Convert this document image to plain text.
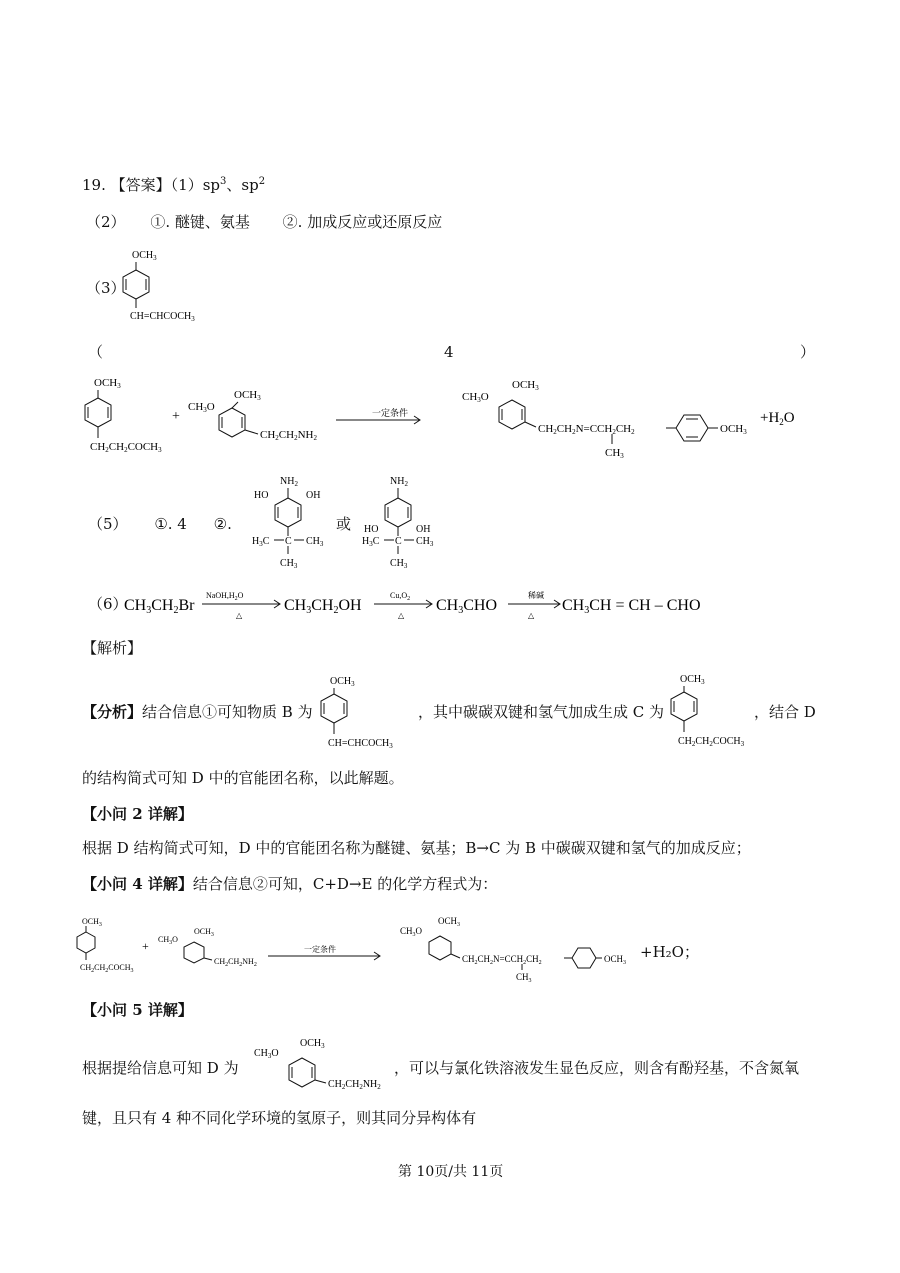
19. 【答案】$(1)sp^3$、$sp^2$
（2） ①. 醚键、氨基 ②. 加成反应或还原反应
（3）
$OCH_3$
$CH=CHCOCH_3$
（	4	）
OCH3
CH2CH2COCH3
+
CH3O
OCH3
CH2CH2NH2
一定条件
CH3O
OCH3
CH2CH2N=CCH2CH2
CH3
OCH3
$+H_2O$
（5） ①. 4 ②.
$NH_2$
HO	OH
$H_3C$ C $CH_3$
$CH_3$
或
$NH_2$
HO	OH
$H_3C$ C $CH_3$
$CH_3$
（6）
CH3CH2Br
$NaOH,H_2O$
△
CH3CH2OH
$Cu,O_2$
△
CH3CHO
稀碱
△
CH3CH = CH – CHO
【解析】
【分析】结合信息①可知物质 B 为
$OCH_3$
$CH=CHCOCH_3$
，其中碳碳双键和氢气加成生成 C 为
$OCH_3$
$CH_2CH_2COCH_3$
，结合 D
的结构简式可知 D 中的官能团名称，以此解题。
【小问 2 详解】
根据 D 结构简式可知，D 中的官能团名称为醚键、氨基；B→C 为 B 中碳碳双键和氢气的加成反应；
【小问 4 详解】结合信息②可知，C+D→E 的化学方程式为：
$OCH_3$
$CH_2CH_2COCH_3$
+ $CH_3O$
$OCH_3$
$CH_2CH_2NH_2$
一定条件
$CH_3O$
$OCH_3$
$CH_2CH_2N=CCH_2CH_2$
$CH_3$
$OCH_3$
+H₂O；
【小问 5 详解】
根据提给信息可知 D 为
$CH_3O$
$OCH_3$
$CH_2CH_2NH_2$
，可以与氯化铁溶液发生显色反应，则含有酚羟基，不含氮氧
键，且只有 4 种不同化学环境的氢原子，则其同分异构体有
第 10页/共 11页
